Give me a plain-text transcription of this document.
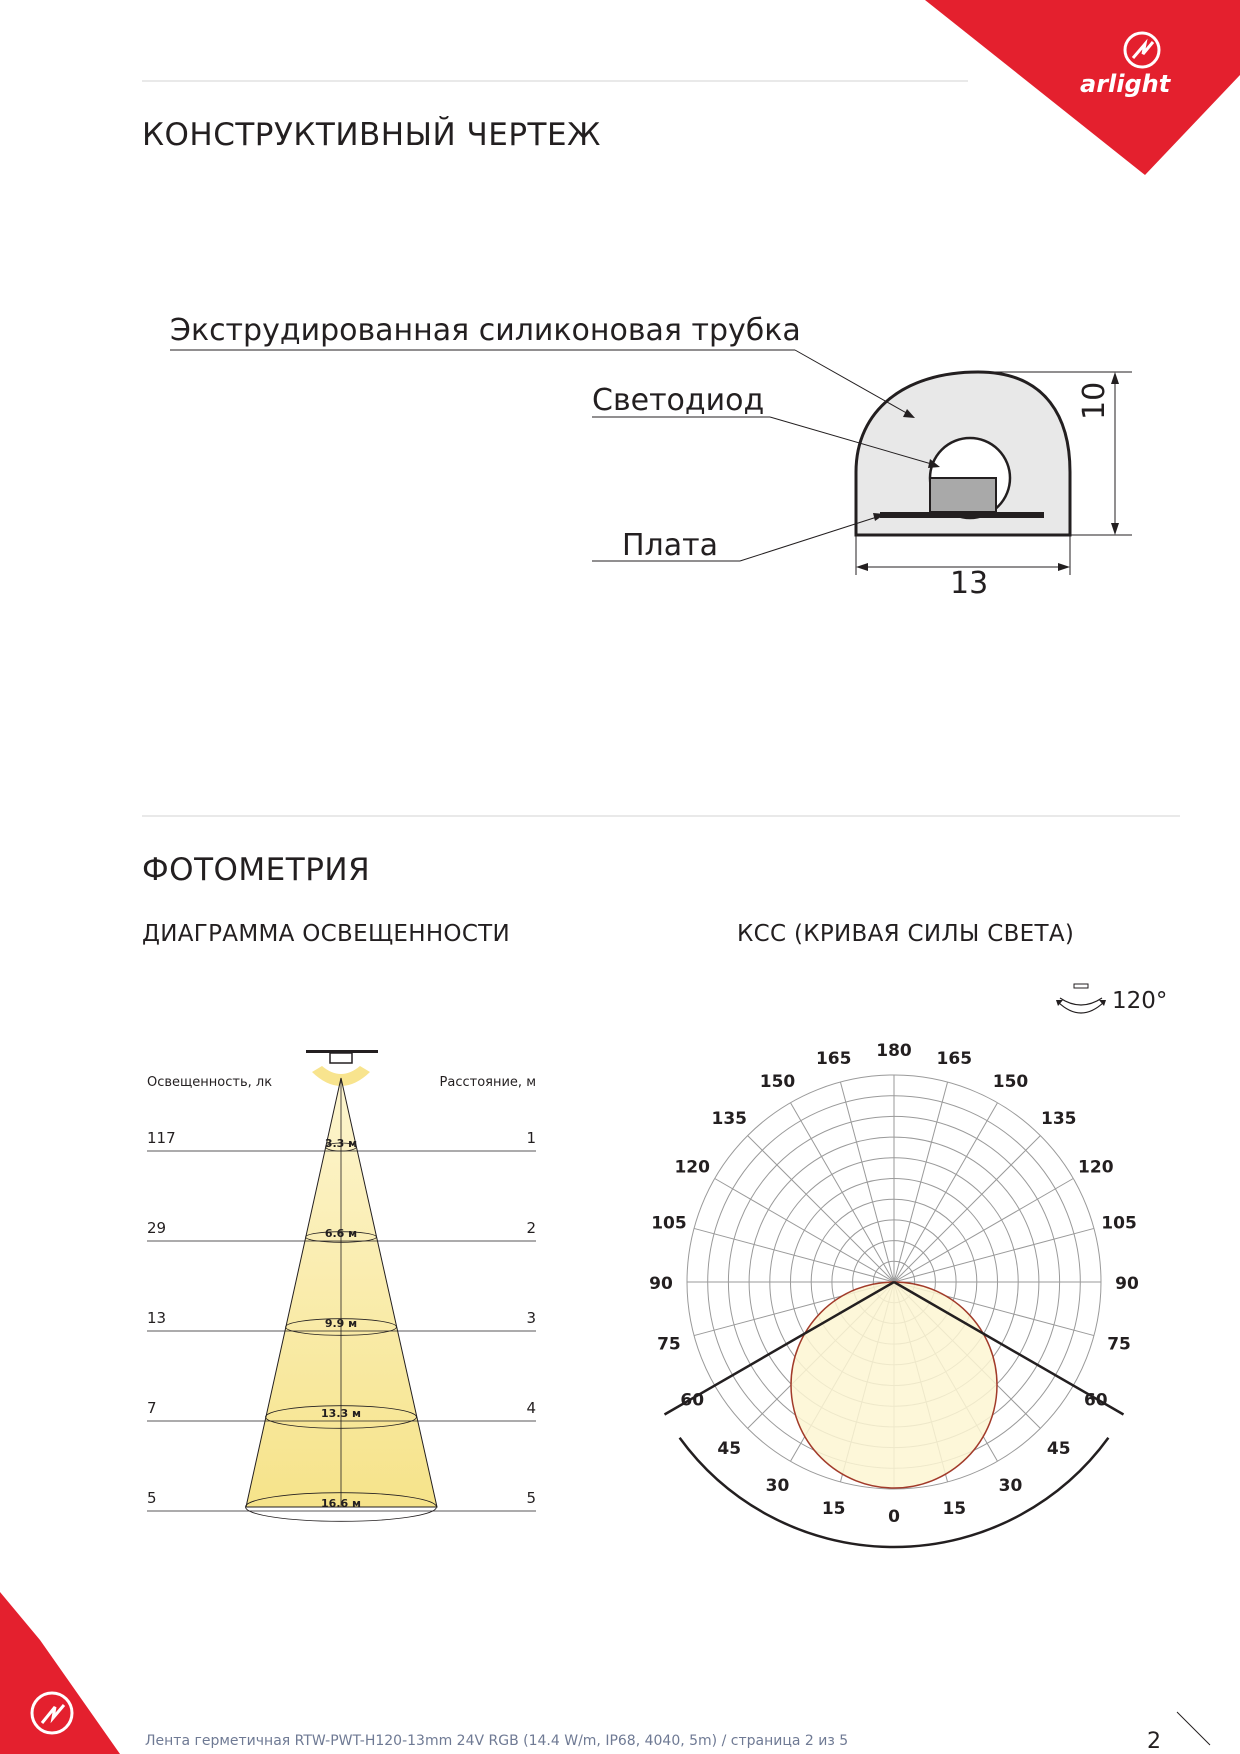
arlight
КОНСТРУКТИВНЫЙ ЧЕРТЕЖ
Экструдированная силиконовая трубка
Светодиод
Плата
10
13
ФОТОМЕТРИЯ
ДИАГРАММА ОСВЕЩЕННОСТИ	КСС (КРИВАЯ СИЛЫ СВЕТА)
Освещенность, лк	Расстояние, м
117	1
3.3 м
29	2
6.6 м
13	3
9.9 м
7	4
13.3 м
5	5
16.6 м
120°
180 165
165
150
150
135
135
120
120
105
105
90
90
75
75
60
60
45
45
30
30
15
15	0
Лента герметичная RTW-PWT-H120-13mm 24V RGB (14.4 W/m, IP68, 4040, 5m) / страница 2 из 5	2
